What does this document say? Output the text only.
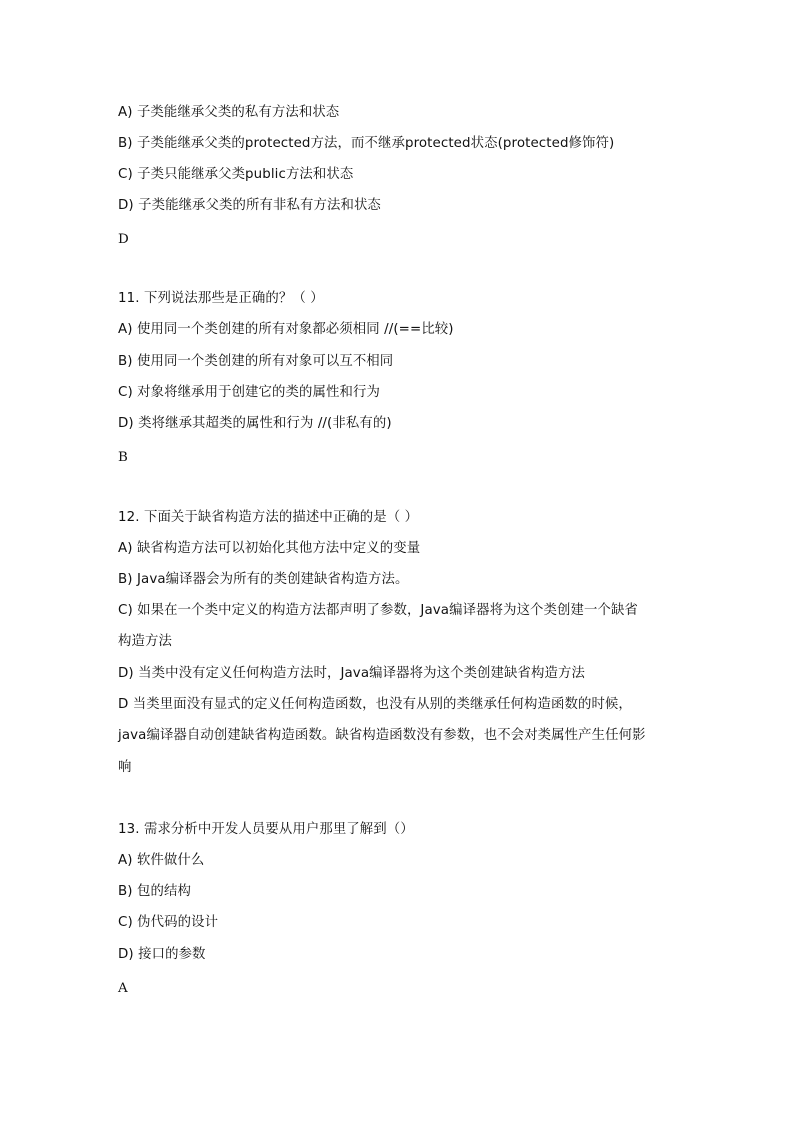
A) 子类能继承父类的私有方法和状态
B) 子类能继承父类的protected方法，而不继承protected状态(protected修饰符)
C) 子类只能继承父类public方法和状态
D) 子类能继承父类的所有非私有方法和状态
D
11. 下列说法那些是正确的？（ ）
A) 使用同一个类创建的所有对象都必须相同 //(==比较)
B) 使用同一个类创建的所有对象可以互不相同
C) 对象将继承用于创建它的类的属性和行为
D) 类将继承其超类的属性和行为 //(非私有的)
B
12. 下面关于缺省构造方法的描述中正确的是（ ）
A) 缺省构造方法可以初始化其他方法中定义的变量
B) Java编译器会为所有的类创建缺省构造方法。
C) 如果在一个类中定义的构造方法都声明了参数，Java编译器将为这个类创建一个缺省
构造方法
D) 当类中没有定义任何构造方法时，Java编译器将为这个类创建缺省构造方法
D 当类里面没有显式的定义任何构造函数，也没有从别的类继承任何构造函数的时候，
java编译器自动创建缺省构造函数。缺省构造函数没有参数，也不会对类属性产生任何影
响
13. 需求分析中开发人员要从用户那里了解到（）
A) 软件做什么
B) 包的结构
C) 伪代码的设计
D) 接口的参数
A
